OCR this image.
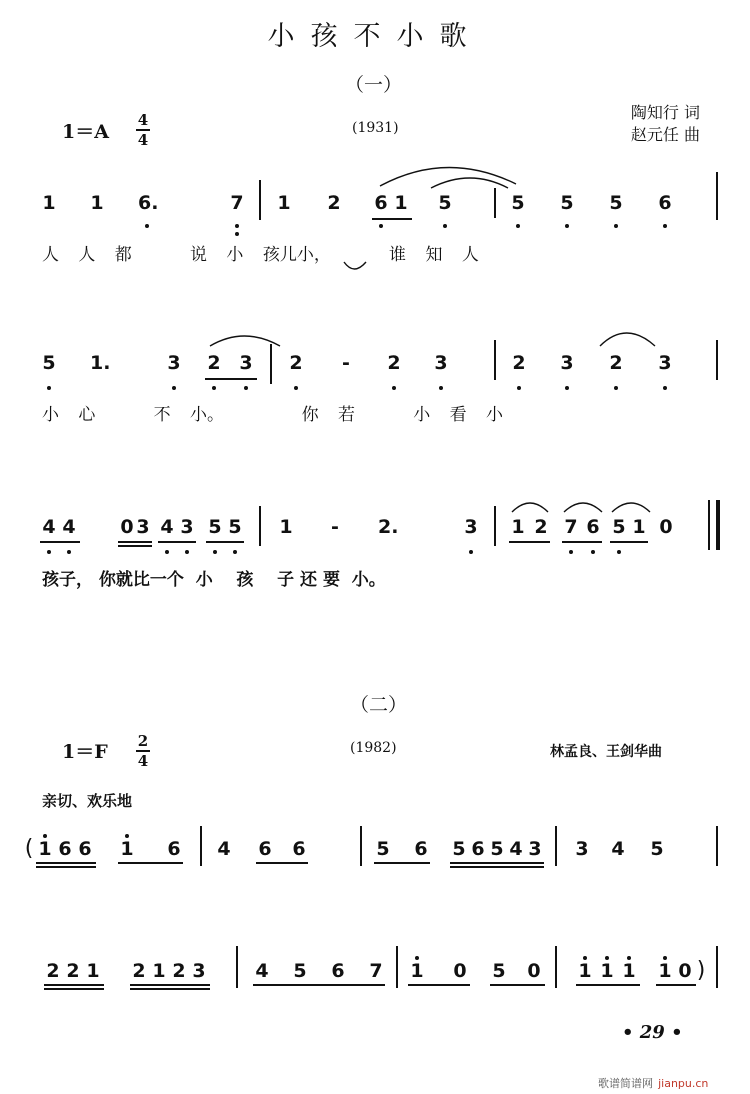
小孩不小歌
（一）
1＝A
4
4
(1931)
陶知行 词
赵元任 曲
1 1 6.	7 1 2 6 1 5	5 5 5 6
人 人 都   说 小 孩儿小，   谁 知 人
5 1.	3 2 3 2 - 2 3	2 3 2 3
小 心   不 小。    你 若   小 看 小
4 4 0 3 4 3 5 5 1 - 2.	3 1 2 7 6 5 1 0
孩子， 你就比一个  小    孩    子 还 要  小。
（二）
1＝F 2
4
(1982)	林孟良、王剑华曲
亲切、欢乐地
( 1 6 6 1 6 4 6 6	5 6 5 6 5 4 3 3 4 5
2 2 1 2 1 2 3	4 5 6 7 1 0 5 0 1 1 1 1 0 )
• 29 •
歌谱简谱网 jianpu.cn
